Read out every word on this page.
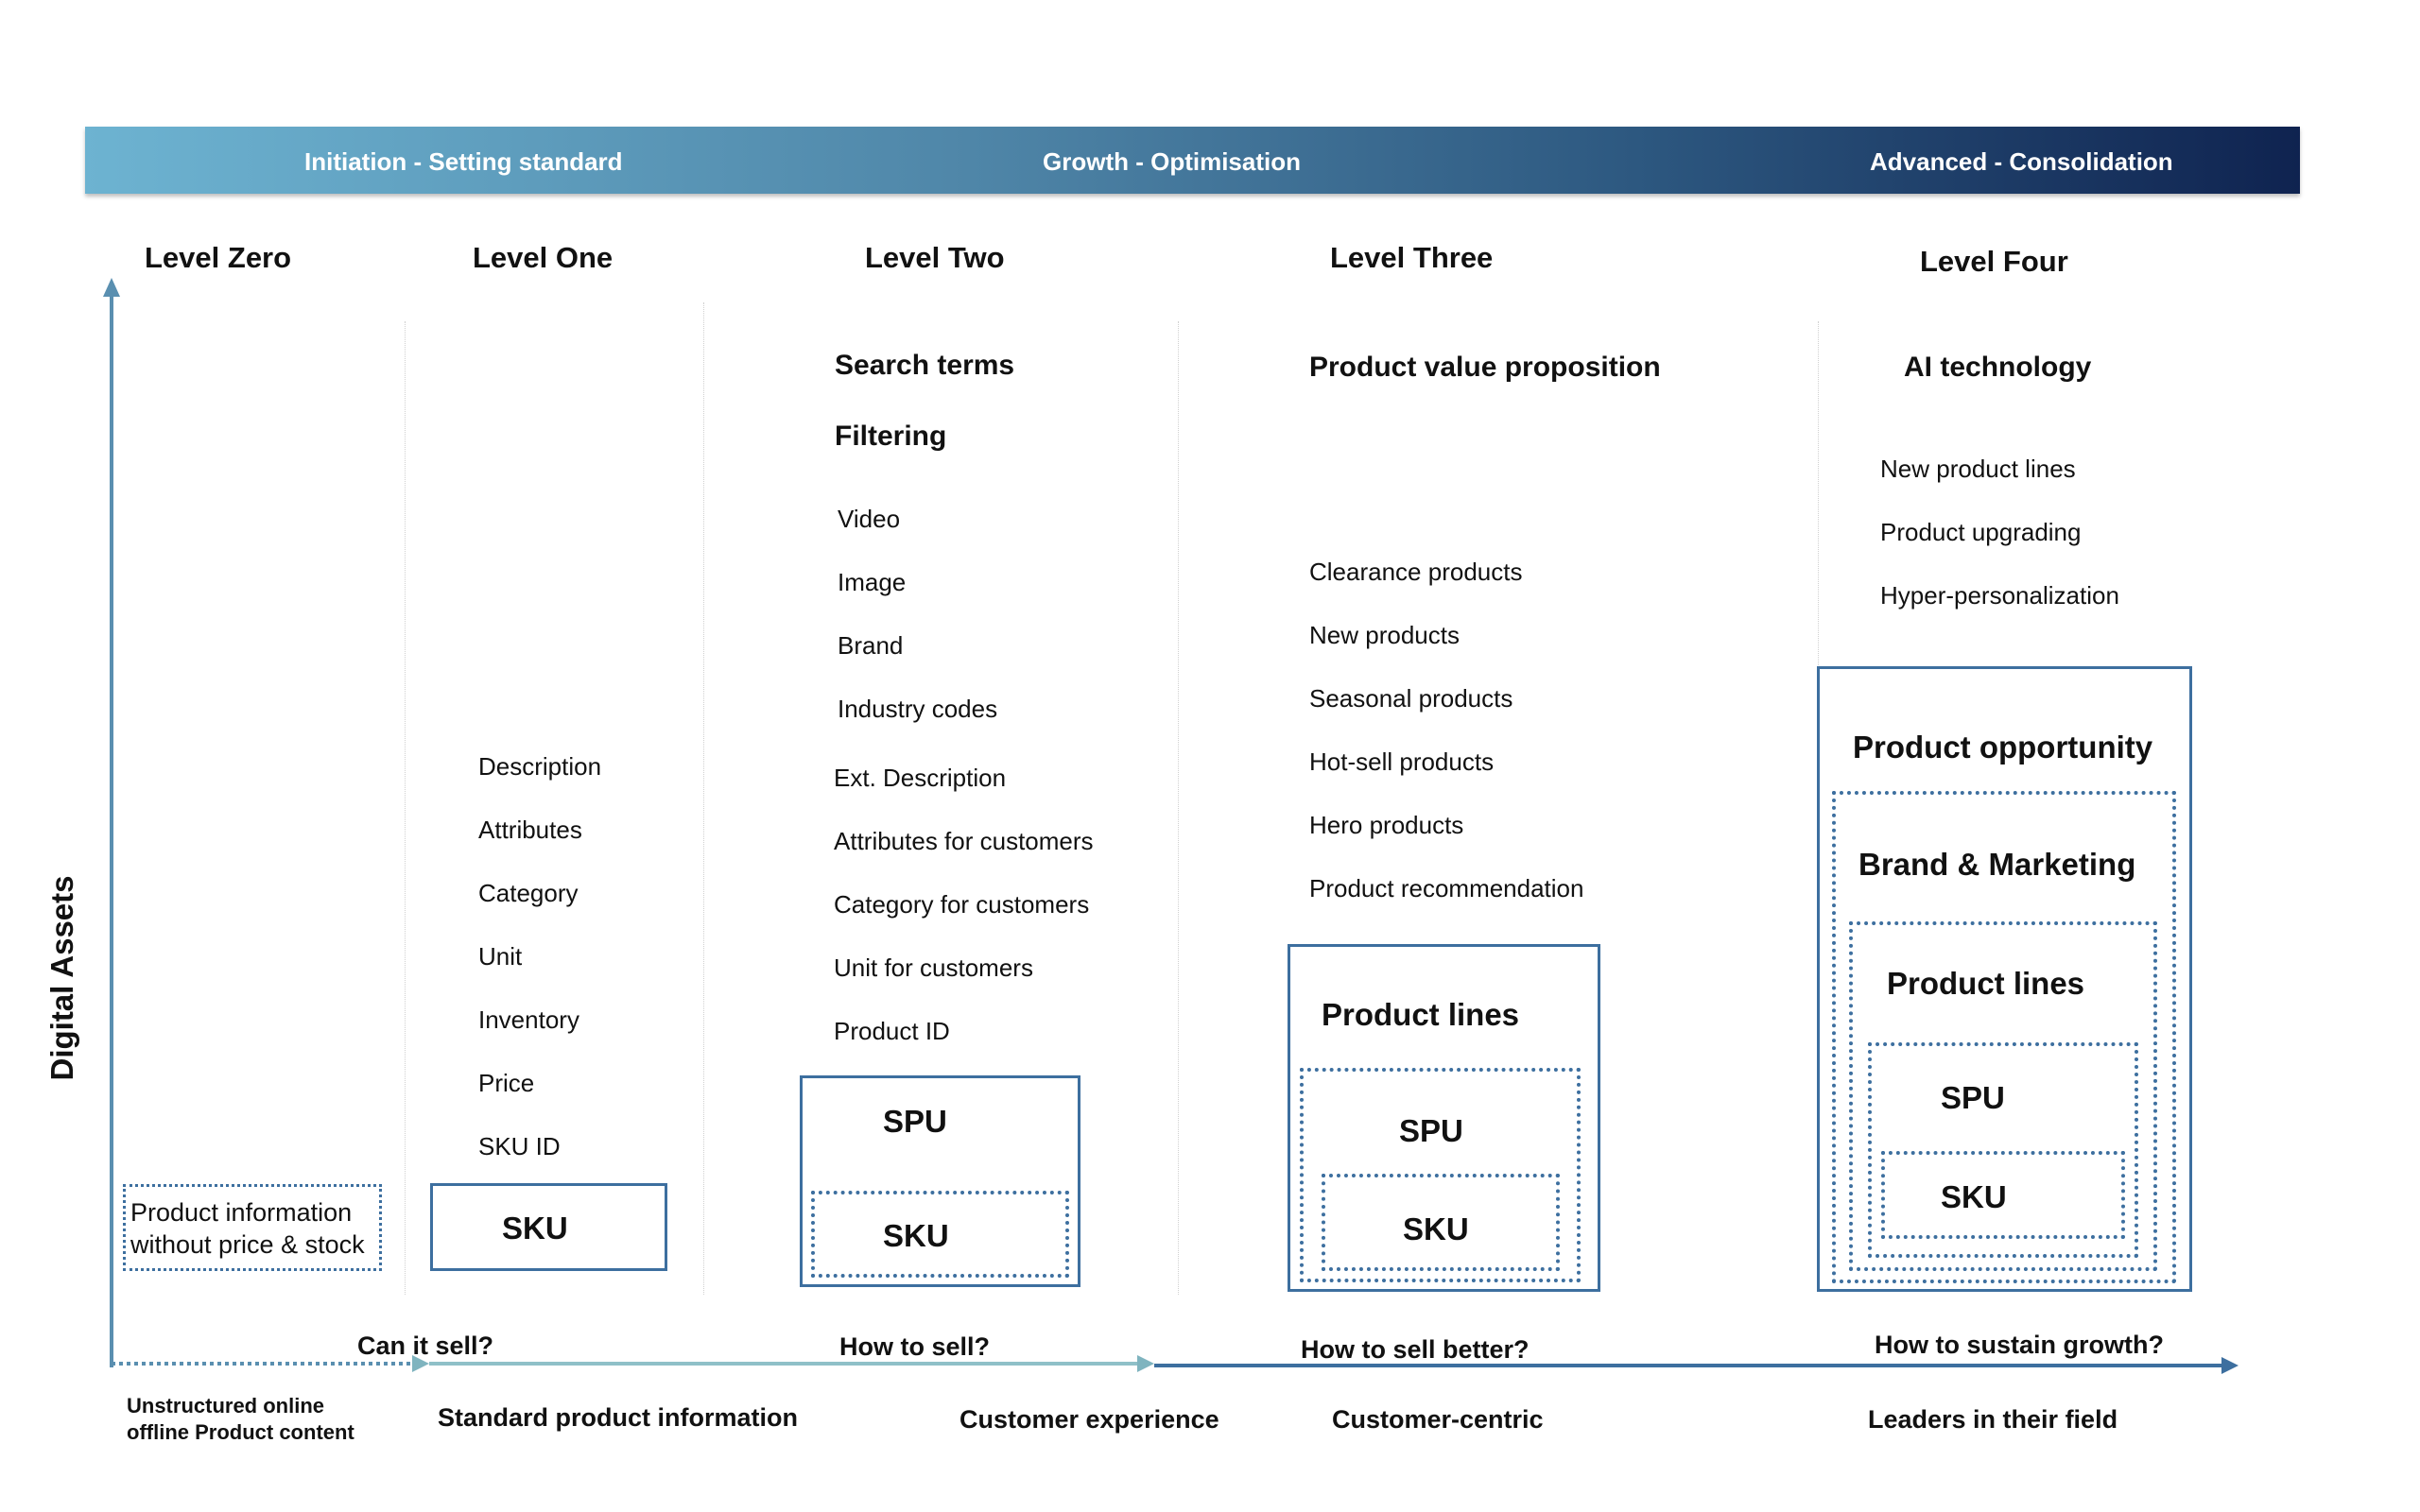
Initiation - Setting standard	Growth - Optimisation	Advanced - Consolidation
Level Zero	Level One	Level Two	Level Three	Level Four
Digital Assets
Product information
without price & stock
Can it sell?
Unstructured online
offline Product content
Description
Attributes
Category
Unit
Inventory
Price
SKU ID
SKU
Standard product information
Search terms
Filtering
Video
Image
Brand
Industry codes
Ext. Description
Attributes for customers
Category for customers
Unit for customers
Product ID
SPU
SKU
How to sell?
Customer experience
Product value proposition
Clearance products
New products
Seasonal products
Hot-sell products
Hero products
Product recommendation
Product lines
SPU
SKU
How to sell better?
Customer-centric
AI technology
New product lines
Product upgrading
Hyper-personalization
Product opportunity
Brand & Marketing
Product lines
SPU
SKU
How to sustain growth?
Leaders in their field
